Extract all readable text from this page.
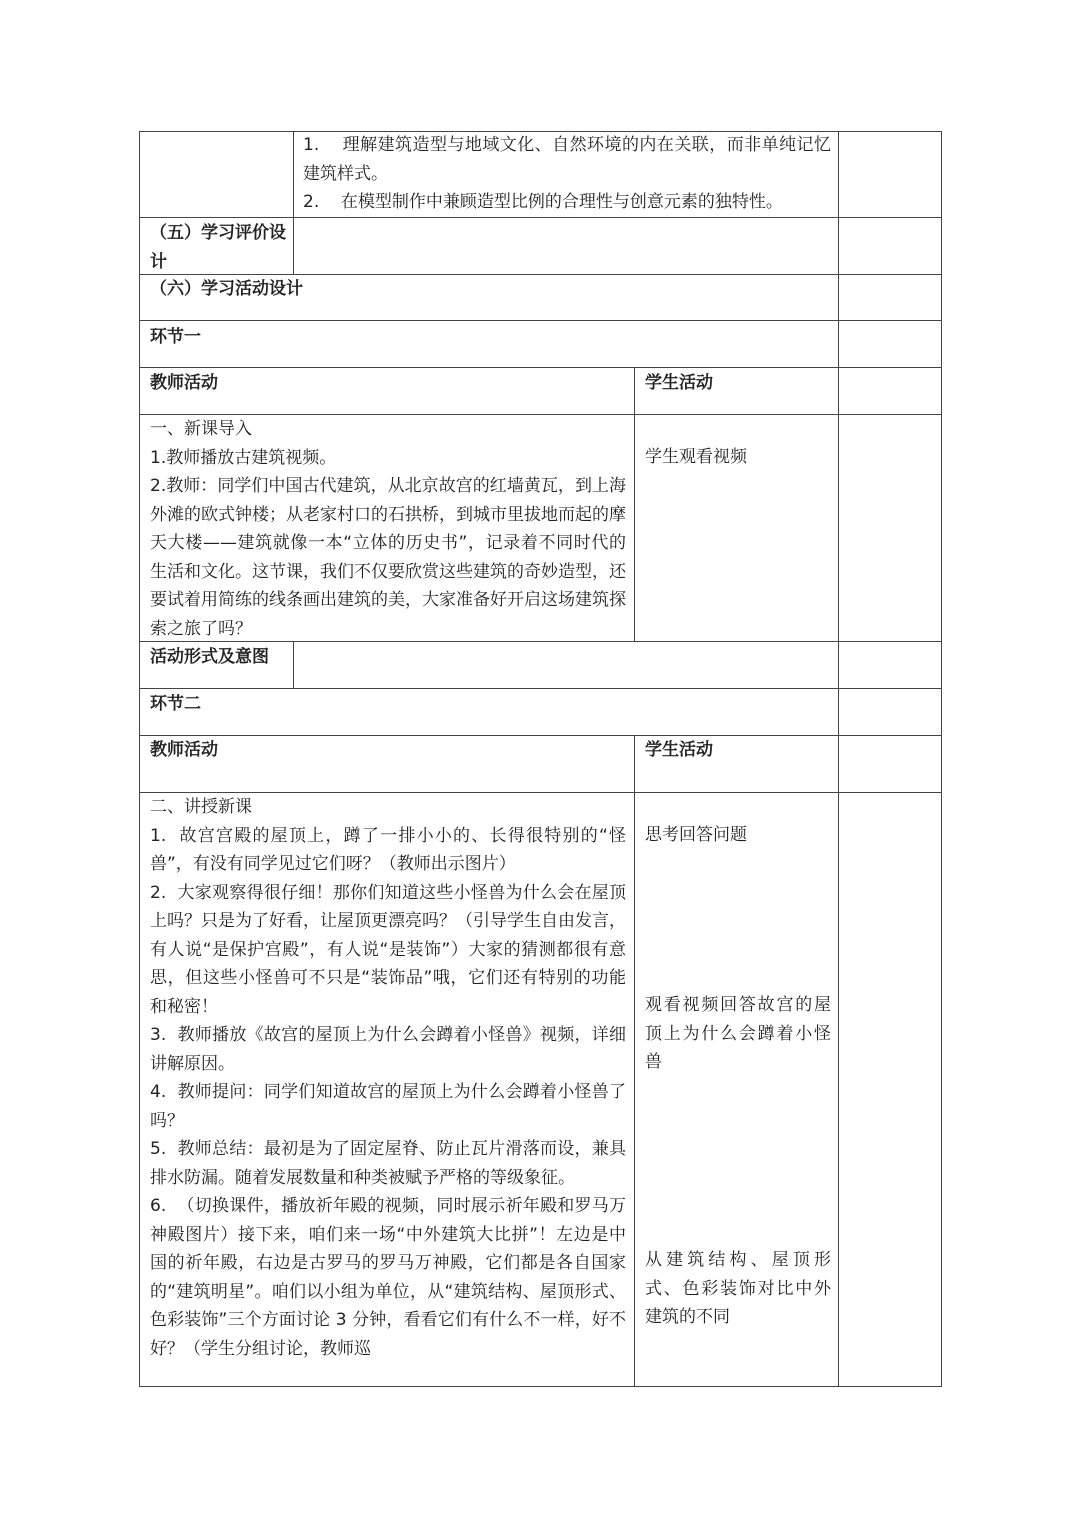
1.    理解建筑造型与地域文化、自然环境的内在关联，而非单纯记忆建筑样式。

2.    在模型制作中兼顾造型比例的合理性与创意元素的独特性。

（五）学习评价设计
（六）学习活动设计
环节一
教师活动	学生活动

一、新课导入

1.教师播放古建筑视频。

2.教师：同学们中国古代建筑，从北京故宫的红墙黄瓦，到上海外滩的欧式钟楼；从老家村口的石拱桥，到城市里拔地而起的摩天大楼——建筑就像一本“立体的历史书”，记录着不同时代的生活和文化。这节课，我们不仅要欣赏这些建筑的奇妙造型，还要试着用简练的线条画出建筑的美，大家准备好开启这场建筑探索之旅了吗？

学生观看视频
活动形式及意图
环节二
教师活动	学生活动

二、讲授新课

1.  故宫宫殿的屋顶上，蹲了一排小小的、长得很特别的“怪兽”，有没有同学见过它们呀？（教师出示图片）

2.  大家观察得很仔细！那你们知道这些小怪兽为什么会在屋顶上吗？只是为了好看，让屋顶更漂亮吗？（引导学生自由发言，有人说“是保护宫殿”，有人说“是装饰”）大家的猜测都很有意思，但这些小怪兽可不只是“装饰品”哦，它们还有特别的功能和秘密！

3.  教师播放《故宫的屋顶上为什么会蹲着小怪兽》视频，详细讲解原因。

4.  教师提问：同学们知道故宫的屋顶上为什么会蹲着小怪兽了吗？

5.  教师总结：最初是为了固定屋脊、防止瓦片滑落而设，兼具排水防漏。随着发展数量和种类被赋予严格的等级象征。

6.  （切换课件，播放祈年殿的视频，同时展示祈年殿和罗马万神殿图片）接下来，咱们来一场“中外建筑大比拼”！左边是中国的祈年殿，右边是古罗马的罗马万神殿，它们都是各自国家的“建筑明星”。咱们以小组为单位，从“建筑结构、屋顶形式、色彩装饰”三个方面讨论 3 分钟，看看它们有什么不一样，好不好？（学生分组讨论，教师巡

思考回答问题
观看视频回答故宫的屋顶上为什么会蹲着小怪兽
从建筑结构、屋顶形式、色彩装饰对比中外建筑的不同
